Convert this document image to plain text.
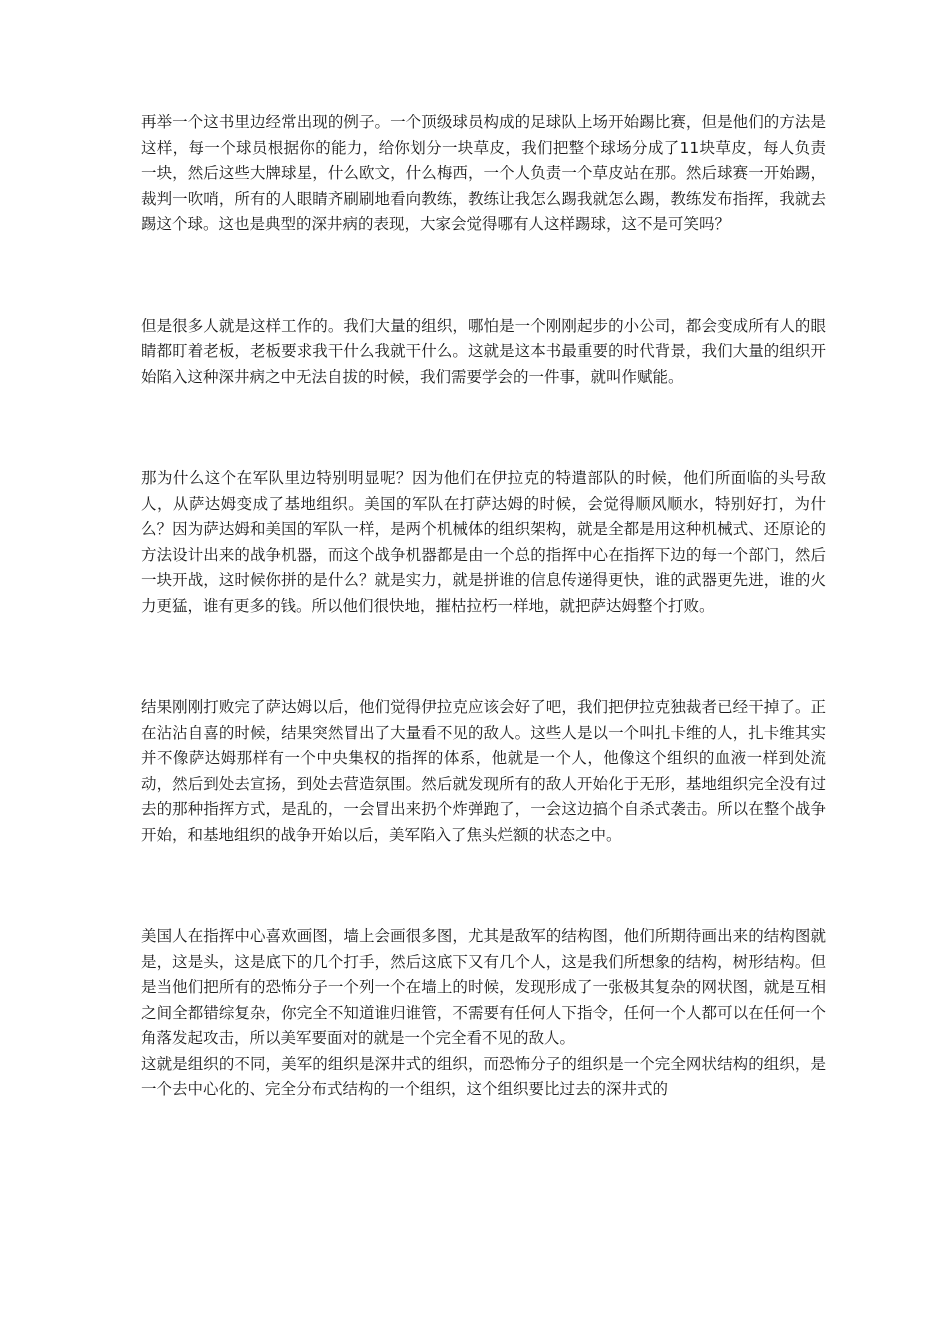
再举一个这书里边经常出现的例子。一个顶级球员构成的足球队上场开始踢比赛，但是他们的方法是这样，每一个球员根据你的能力，给你划分一块草皮，我们把整个球场分成了11块草皮，每人负责一块，然后这些大牌球星，什么欧文，什么梅西，一个人负责一个草皮站在那。然后球赛一开始踢，裁判一吹哨，所有的人眼睛齐刷刷地看向教练，教练让我怎么踢我就怎么踢，教练发布指挥，我就去踢这个球。这也是典型的深井病的表现，大家会觉得哪有人这样踢球，这不是可笑吗？

但是很多人就是这样工作的。我们大量的组织，哪怕是一个刚刚起步的小公司，都会变成所有人的眼睛都盯着老板，老板要求我干什么我就干什么。这就是这本书最重要的时代背景，我们大量的组织开始陷入这种深井病之中无法自拔的时候，我们需要学会的一件事，就叫作赋能。

那为什么这个在军队里边特别明显呢？因为他们在伊拉克的特遣部队的时候，他们所面临的头号敌人，从萨达姆变成了基地组织。美国的军队在打萨达姆的时候，会觉得顺风顺水，特别好打，为什么？因为萨达姆和美国的军队一样，是两个机械体的组织架构，就是全都是用这种机械式、还原论的方法设计出来的战争机器，而这个战争机器都是由一个总的指挥中心在指挥下边的每一个部门，然后一块开战，这时候你拼的是什么？就是实力，就是拼谁的信息传递得更快，谁的武器更先进，谁的火力更猛，谁有更多的钱。所以他们很快地，摧枯拉朽一样地，就把萨达姆整个打败。

结果刚刚打败完了萨达姆以后，他们觉得伊拉克应该会好了吧，我们把伊拉克独裁者已经干掉了。正在沾沾自喜的时候，结果突然冒出了大量看不见的敌人。这些人是以一个叫扎卡维的人，扎卡维其实并不像萨达姆那样有一个中央集权的指挥的体系，他就是一个人，他像这个组织的血液一样到处流动，然后到处去宣扬，到处去营造氛围。然后就发现所有的敌人开始化于无形，基地组织完全没有过去的那种指挥方式，是乱的，一会冒出来扔个炸弹跑了，一会这边搞个自杀式袭击。所以在整个战争开始，和基地组织的战争开始以后，美军陷入了焦头烂额的状态之中。

美国人在指挥中心喜欢画图，墙上会画很多图，尤其是敌军的结构图，他们所期待画出来的结构图就是，这是头，这是底下的几个打手，然后这底下又有几个人，这是我们所想象的结构，树形结构。但是当他们把所有的恐怖分子一个列一个在墙上的时候，发现形成了一张极其复杂的网状图，就是互相之间全都错综复杂，你完全不知道谁归谁管，不需要有任何人下指令，任何一个人都可以在任何一个角落发起攻击，所以美军要面对的就是一个完全看不见的敌人。

这就是组织的不同，美军的组织是深井式的组织，而恐怖分子的组织是一个完全网状结构的组织，是一个去中心化的、完全分布式结构的一个组织，这个组织要比过去的深井式的
